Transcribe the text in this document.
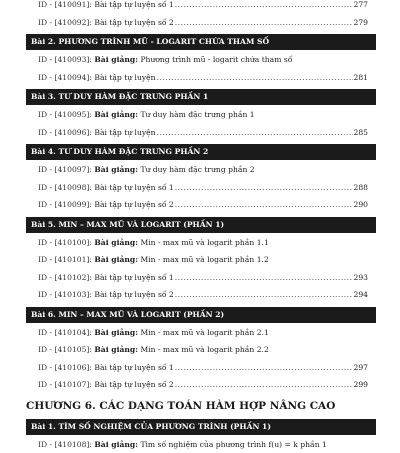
ID - [410091]: Bài tập tự luyện số 1 .....	277
ID - [410092]: Bài tập tự luyện số 2 .....	279
Bài 2. PHƯƠNG TRÌNH MŨ - LOGARIT CHỨA THAM SỐ
ID - [410093]: Bài giảng: Phương trình mũ - logarit chứa tham số
ID - [410094]: Bài tập tự luyện .....	281
Bài 3. TƯ DUY HÀM ĐẶC TRƯNG PHẦN 1
ID - [410095]: Bài giảng: Tư duy hàm đặc trưng phần 1
ID - [410096]: Bài tập tự luyện .....	285
Bài 4. TƯ DUY HÀM ĐẶC TRƯNG PHẦN 2
ID - [410097]: Bài giảng: Tư duy hàm đặc trưng phần 2
ID - [410098]: Bài tập tự luyện số 1 .....	288
ID - [410099]: Bài tập tự luyện số 2 .....	290
Bài 5. MIN – MAX MŨ VÀ LOGARIT (PHẦN 1)
ID - [410100]: Bài giảng: Min - max mũ và logarit phần 1.1
ID - [410101]: Bài giảng: Min - max mũ và logarit phần 1.2
ID - [410102]: Bài tập tự luyện số 1 .....	293
ID - [410103]: Bài tập tự luyện số 2 .....	294
Bài 6. MIN – MAX MŨ VÀ LOGARIT (PHẦN 2)
ID - [410104]: Bài giảng: Min - max mũ và logarit phần 2.1
ID - [410105]: Bài giảng: Min - max mũ và logarit phần 2.2
ID - [410106]: Bài tập tự luyện số 1 .....	297
ID - [410107]: Bài tập tự luyện số 2 .....	299
CHƯƠNG 6. CÁC DẠNG TOÁN HÀM HỢP NÂNG CAO
Bài 1. TÌM SỐ NGHIỆM CỦA PHƯƠNG TRÌNH (PHẦN 1)
ID - [410108]: Bài giảng: Tìm số nghiệm của phương trình f(u) = k phần 1
